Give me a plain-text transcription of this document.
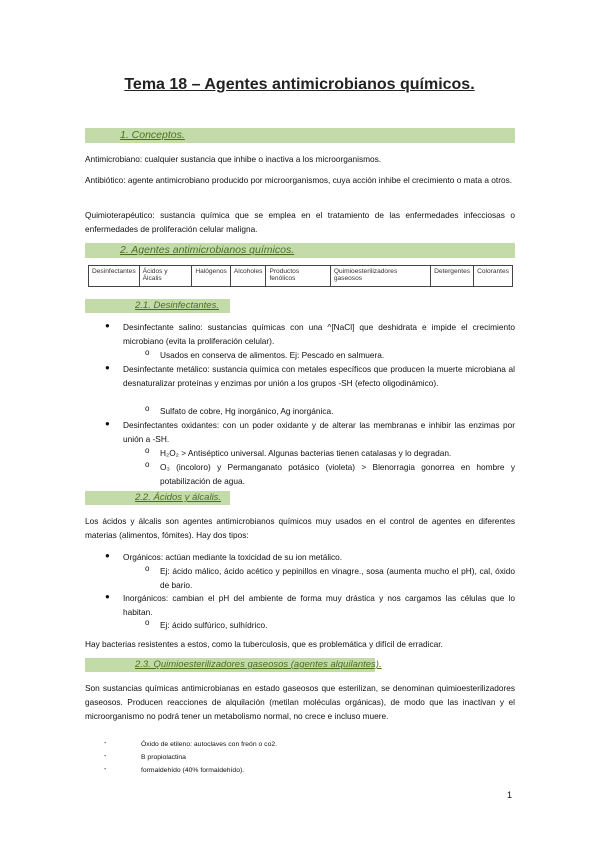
Tema 18 – Agentes antimicrobianos químicos.
1. Conceptos.
Antimicrobiano: cualquier sustancia que inhibe o inactiva a los microorganismos.
Antibiótico: agente antimicrobiano producido por microorganismos, cuya acción inhibe el crecimiento o mata a otros.
Quimioterapéutico: sustancia química que se emplea en el tratamiento de las enfermedades infecciosas o enfermedades de proliferación celular maligna.
2. Agentes antimicrobianos químicos.
Desinfectantes	Ácidos y Álcalis	Halógenos	Alcoholes	Productos fenólicos	Quimioesterilizadores gaseosos	Detergentes	Colorantes
2.1. Desinfectantes.
● Desinfectante salino: sustancias químicas con una ^[NaCl] que deshidrata e impide el crecimiento microbiano (evita la proliferación celular).
o Usados en conserva de alimentos. Ej: Pescado en salmuera.
● Desinfectante metálico: sustancia química con metales específicos que producen la muerte microbiana al desnaturalizar proteínas y enzimas por unión a los grupos -SH (efecto oligodinámico).
o Sulfato de cobre, Hg inorgánico, Ag inorgánica.
● Desinfectantes oxidantes: con un poder oxidante y de alterar las membranas e inhibir las enzimas por unión a -SH.
o H₂O₂ > Antiséptico universal. Algunas bacterias tienen catalasas y lo degradan.
o O₃ (incoloro) y Permanganato potásico (violeta) > Blenorragia gonorrea en hombre y potabilización de agua.
2.2. Ácidos y álcalis.
Los ácidos y álcalis son agentes antimicrobianos químicos muy usados en el control de agentes en diferentes materias (alimentos, fómites). Hay dos tipos:
● Orgánicos: actúan mediante la toxicidad de su ion metálico.
o Ej: ácido málico, ácido acético y pepinillos en vinagre., sosa (aumenta mucho el pH), cal, óxido de bario.
● Inorgánicos: cambian el pH del ambiente de forma muy drástica y nos cargamos las células que lo habitan.
o Ej: ácido sulfúrico, sulhídrico.
Hay bacterias resistentes a estos, como la tuberculosis, que es problemática y difícil de erradicar.
2.3. Quimioesterilizadores gaseosos (agentes alquilantes).
Son sustancias químicas antimicrobianas en estado gaseosos que esterilizan, se denominan quimioesterilizadores gaseosos. Producen reacciones de alquilación (metilan moléculas orgánicas), de modo que las inactivan y el microorganismo no podrá tener un metabolismo normal, no crece e incluso muere.
-	Óxido de etileno: autoclaves con freón o co2.
-	B propiolactina
-	formaldehído (40% formaldehído).
1
